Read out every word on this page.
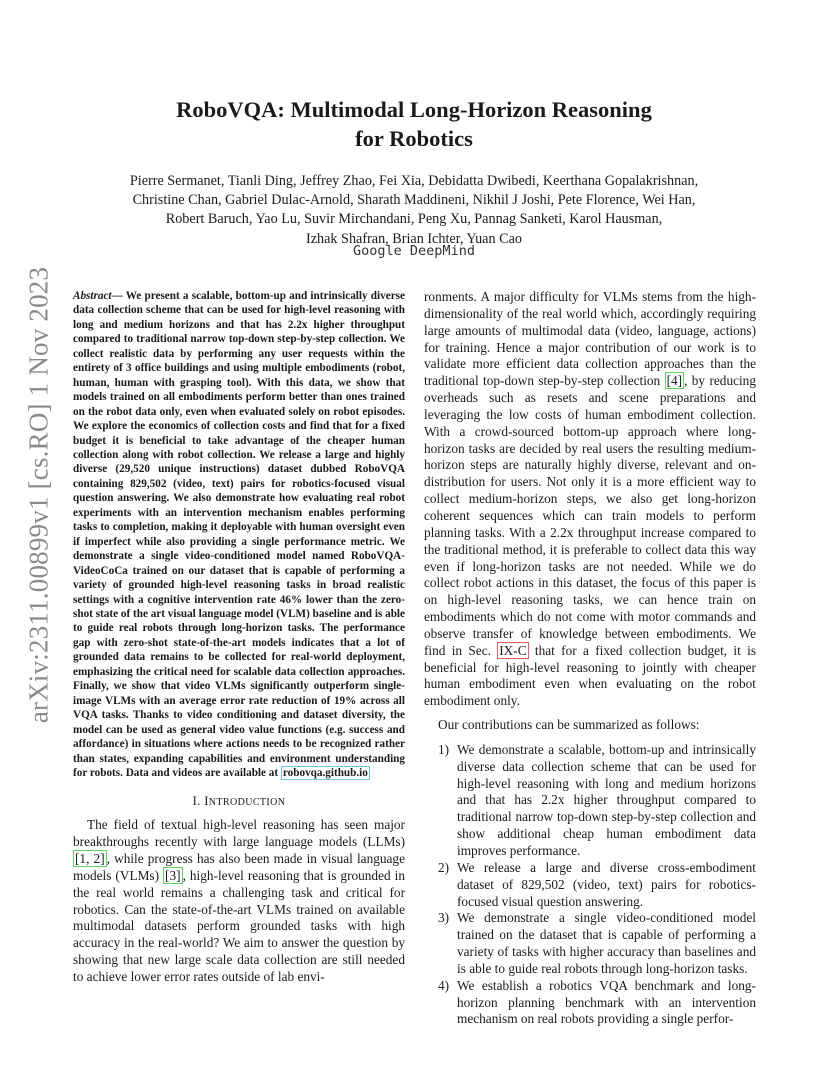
arXiv:2311.00899v1 [cs.RO] 1 Nov 2023
RoboVQA: Multimodal Long-Horizon Reasoning
for Robotics
Pierre Sermanet, Tianli Ding, Jeffrey Zhao, Fei Xia, Debidatta Dwibedi, Keerthana Gopalakrishnan,
Christine Chan, Gabriel Dulac-Arnold, Sharath Maddineni, Nikhil J Joshi, Pete Florence, Wei Han,
Robert Baruch, Yao Lu, Suvir Mirchandani, Peng Xu, Pannag Sanketi, Karol Hausman,
Izhak Shafran, Brian Ichter, Yuan Cao
Google DeepMind

Abstract— We present a scalable, bottom-up and intrinsically diverse data collection scheme that can be used for high-level reasoning with long and medium horizons and that has 2.2x higher throughput compared to traditional narrow top-down step-by-step collection. We collect realistic data by performing any user requests within the entirety of 3 office buildings and using multiple embodiments (robot, human, human with grasping tool). With this data, we show that models trained on all embodiments perform better than ones trained on the robot data only, even when evaluated solely on robot episodes. We explore the economics of collection costs and find that for a fixed budget it is beneficial to take advantage of the cheaper human collection along with robot collection. We release a large and highly diverse (29,520 unique instructions) dataset dubbed RoboVQA containing 829,502 (video, text) pairs for robotics-focused visual question answering. We also demonstrate how evaluating real robot experiments with an intervention mechanism enables performing tasks to completion, making it deployable with human oversight even if imperfect while also providing a single performance metric. We demonstrate a single video-conditioned model named RoboVQA-VideoCoCa trained on our dataset that is capable of performing a variety of grounded high-level reasoning tasks in broad realistic settings with a cognitive intervention rate 46% lower than the zero-shot state of the art visual language model (VLM) baseline and is able to guide real robots through long-horizon tasks. The performance gap with zero-shot state-of-the-art models indicates that a lot of grounded data remains to be collected for real-world deployment, emphasizing the critical need for scalable data collection approaches. Finally, we show that video VLMs significantly outperform single-image VLMs with an average error rate reduction of 19% across all VQA tasks. Thanks to video conditioning and dataset diversity, the model can be used as general video value functions (e.g. success and affordance) in situations where actions needs to be recognized rather than states, expanding capabilities and environment understanding for robots. Data and videos are available at robovqa.github.io

I. INTRODUCTION

The field of textual high-level reasoning has seen major breakthroughs recently with large language models (LLMs) [1, 2] , while progress has also been made in visual language models (VLMs) [3] , high-level reasoning that is grounded in the real world remains a challenging task and critical for robotics. Can the state-of-the-art VLMs trained on available multimodal datasets perform grounded tasks with high accuracy in the real-world? We aim to answer the question by showing that new large scale data collection are still needed to achieve lower error rates outside of lab envi-

ronments. A major difficulty for VLMs stems from the high-dimensionality of the real world which, accordingly requiring large amounts of multimodal data (video, language, actions) for training. Hence a major contribution of our work is to validate more efficient data collection approaches than the traditional top-down step-by-step collection [4] , by reducing overheads such as resets and scene preparations and leveraging the low costs of human embodiment collection. With a crowd-sourced bottom-up approach where long-horizon tasks are decided by real users the resulting medium-horizon steps are naturally highly diverse, relevant and on-distribution for users. Not only it is a more efficient way to collect medium-horizon steps, we also get long-horizon coherent sequences which can train models to perform planning tasks. With a 2.2x throughput increase compared to the traditional method, it is preferable to collect data this way even if long-horizon tasks are not needed. While we do collect robot actions in this dataset, the focus of this paper is on high-level reasoning tasks, we can hence train on embodiments which do not come with motor commands and observe transfer of knowledge between embodiments. We find in Sec. IX-C that for a fixed collection budget, it is beneficial for high-level reasoning to jointly with cheaper human embodiment even when evaluating on the robot embodiment only.

Our contributions can be summarized as follows:

1) We demonstrate a scalable, bottom-up and intrinsically diverse data collection scheme that can be used for high-level reasoning with long and medium horizons and that has 2.2x higher throughput compared to traditional narrow top-down step-by-step collection and show additional cheap human embodiment data improves performance.
2) We release a large and diverse cross-embodiment dataset of 829,502 (video, text) pairs for robotics-focused visual question answering.
3) We demonstrate a single video-conditioned model trained on the dataset that is capable of performing a variety of tasks with higher accuracy than baselines and is able to guide real robots through long-horizon tasks.
4) We establish a robotics VQA benchmark and long-horizon planning benchmark with an intervention mechanism on real robots providing a single perfor-
